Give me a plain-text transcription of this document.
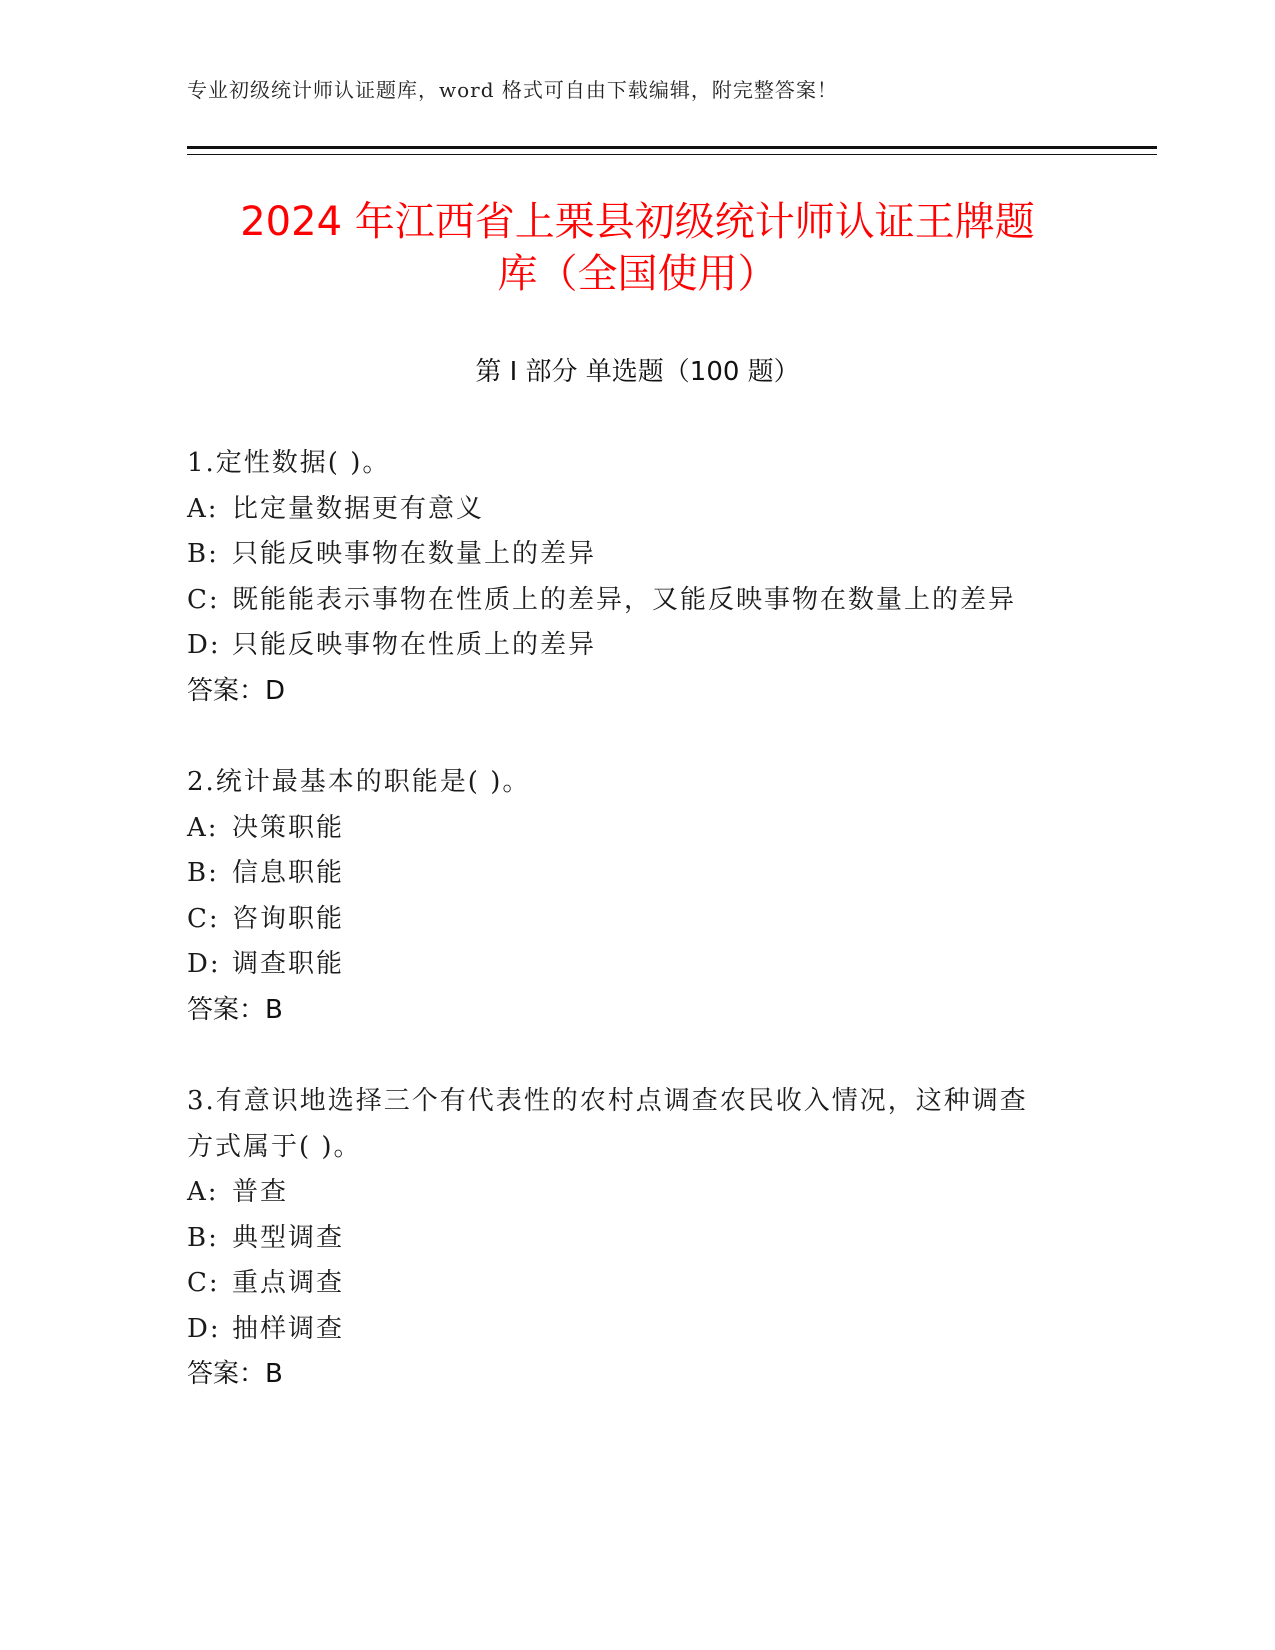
专业初级统计师认证题库，word 格式可自由下载编辑，附完整答案！
2024 年江西省上栗县初级统计师认证王牌题
库（全国使用）
第 I 部分 单选题（100 题）
1.定性数据( )。
A: 比定量数据更有意义
B: 只能反映事物在数量上的差异
C: 既能能表示事物在性质上的差异，又能反映事物在数量上的差异
D: 只能反映事物在性质上的差异
答案：D
2.统计最基本的职能是( )。
A: 决策职能
B: 信息职能
C: 咨询职能
D: 调查职能
答案：B
3.有意识地选择三个有代表性的农村点调查农民收入情况，这种调查
方式属于( )。
A: 普查
B: 典型调查
C: 重点调查
D: 抽样调查
答案：B
